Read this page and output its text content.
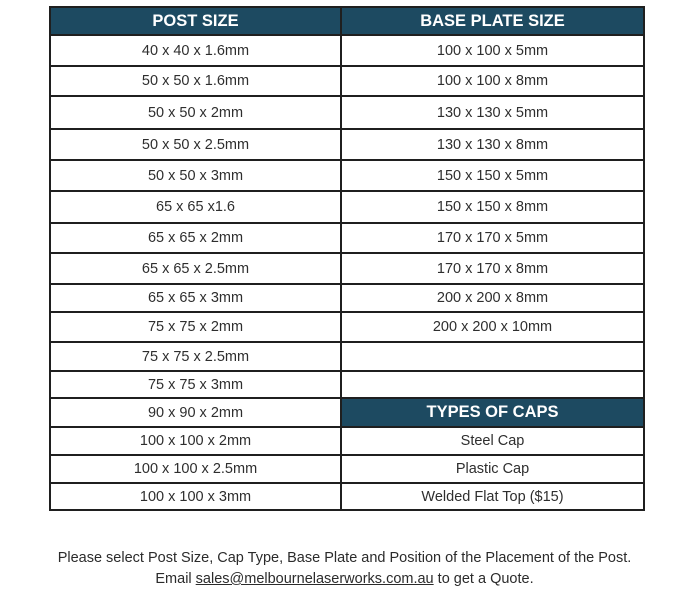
POST SIZE	BASE PLATE SIZE
40 x 40 x 1.6mm	100 x 100 x 5mm
50 x 50 x 1.6mm	100 x 100 x 8mm
50 x 50 x 2mm	130 x 130 x 5mm
50 x 50 x 2.5mm	130 x 130 x 8mm
50 x 50 x 3mm	150 x 150 x 5mm
65 x 65 x1.6	150 x 150 x 8mm
65 x 65 x 2mm	170 x 170 x 5mm
65 x 65 x 2.5mm	170 x 170 x 8mm
65 x 65 x 3mm	200 x 200 x 8mm
75 x 75 x 2mm	200 x 200 x 10mm
75 x 75 x 2.5mm	
75 x 75 x 3mm	
90 x 90 x 2mm	TYPES OF CAPS
100 x 100 x 2mm	Steel Cap
100 x 100 x 2.5mm	Plastic Cap
100 x 100 x 3mm	Welded Flat Top ($15)
Please select Post Size, Cap Type, Base Plate and Position of the Placement of the Post.
Email sales@melbournelaserworks.com.au to get a Quote.
